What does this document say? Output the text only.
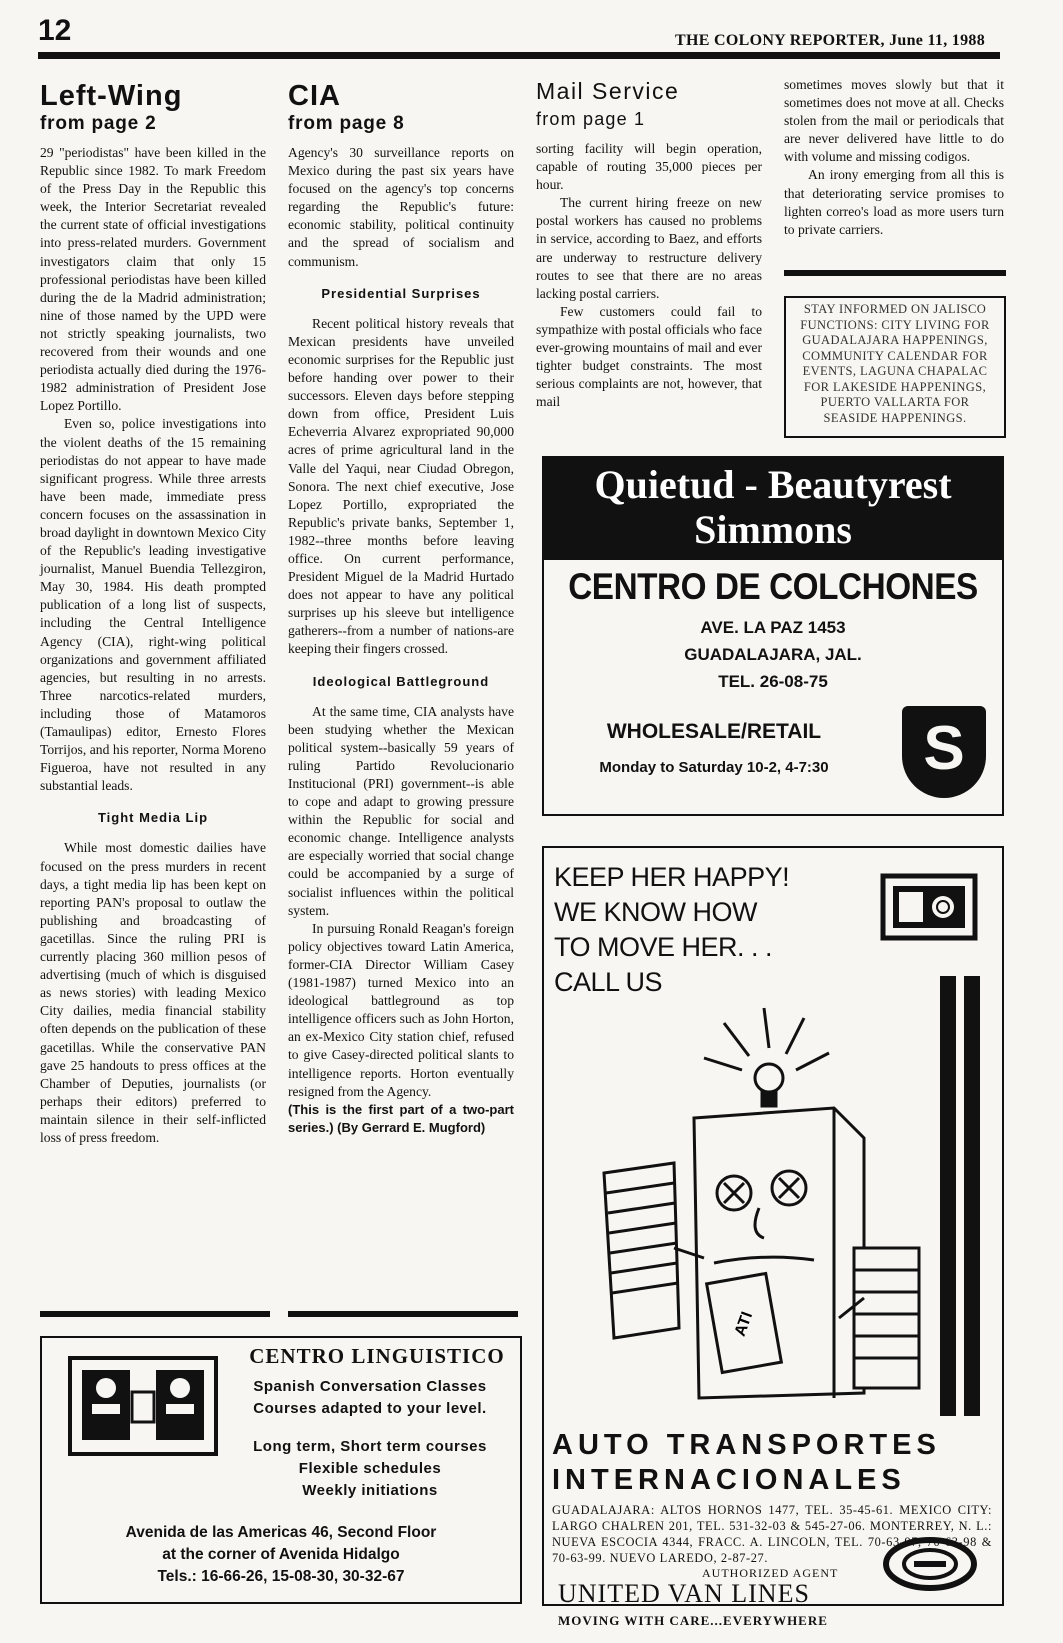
12	THE COLONY REPORTER, June 11, 1988
Left-Wing
from page 2

29 "periodistas" have been killed in the Republic since 1982. To mark Freedom of the Press Day in the Republic this week, the Interior Secretariat revealed the current state of official investigations into press-related murders. Government investigators claim that only 15 professional periodistas have been killed during the de la Madrid administration; nine of those named by the UPD were not strictly speaking journalists, two recovered from their wounds and one periodista actually died during the 1976-1982 administration of President Jose Lopez Portillo.

Even so, police investigations into the violent deaths of the 15 remaining periodistas do not appear to have made significant progress. While three arrests have been made, immediate press concern focuses on the assassination in broad daylight in downtown Mexico City of the Republic's leading investigative journalist, Manuel Buendia Tellezgiron, May 30, 1984. His death prompted publication of a long list of suspects, including the Central Intelligence Agency (CIA), right-wing political organizations and government affiliated agencies, but resulting in no arrests. Three narcotics-related murders, including those of Matamoros (Tamaulipas) editor, Ernesto Flores Torrijos, and his reporter, Norma Moreno Figueroa, have not resulted in any substantial leads.

Tight Media Lip

While most domestic dailies have focused on the press murders in recent days, a tight media lip has been kept on reporting PAN's proposal to outlaw the publishing and broadcasting of gacetillas. Since the ruling PRI is currently placing 360 million pesos of advertising (much of which is disguised as news stories) with leading Mexico City dailies, media financial stability often depends on the publication of these gacetillas. While the conservative PAN gave 25 handouts to press offices at the Chamber of Deputies, journalists (or perhaps their editors) preferred to maintain silence in their self-inflicted loss of press freedom.

CIA
from page 8

Agency's 30 surveillance reports on Mexico during the past six years have focused on the agency's top concerns regarding the Republic's future: economic stability, political continuity and the spread of socialism and communism.

Presidential Surprises

Recent political history reveals that Mexican presidents have unveiled economic surprises for the Republic just before handing over power to their successors. Eleven days before stepping down from office, President Luis Echeverria Alvarez expropriated 90,000 acres of prime agricultural land in the Valle del Yaqui, near Ciudad Obregon, Sonora. The next chief executive, Jose Lopez Portillo, expropriated the Republic's private banks, September 1, 1982--three months before leaving office. On current performance, President Miguel de la Madrid Hurtado does not appear to have any political surprises up his sleeve but intelligence gatherers--from a number of nations-are keeping their fingers crossed.

Ideological Battleground

At the same time, CIA analysts have been studying whether the Mexican political system--basically 59 years of ruling Partido Revolucionario Institucional (PRI) government--is able to cope and adapt to growing pressure within the Republic for social and economic change. Intelligence analysts are especially worried that social change could be accompanied by a surge of socialist influences within the political system.

In pursuing Ronald Reagan's foreign policy objectives toward Latin America, former-CIA Director William Casey (1981-1987) turned Mexico into an ideological battleground as top intelligence officers such as John Horton, an ex-Mexico City station chief, refused to give Casey-directed political slants to intelligence reports. Horton eventually resigned from the Agency.

(This is the first part of a two-part series.) (By Gerrard E. Mugford)

Mail Service
from page 1

sorting facility will begin operation, capable of routing 35,000 pieces per hour.

The current hiring freeze on new postal workers has caused no problems in service, according to Baez, and efforts are underway to restructure delivery routes to see that there are no areas lacking postal carriers.

Few customers could fail to sympathize with postal officials who face ever-growing mountains of mail and ever tighter budget constraints. The most serious complaints are not, however, that mail

sometimes moves slowly but that it sometimes does not move at all. Checks stolen from the mail or periodicals that are never delivered have little to do with volume and missing codigos.

An irony emerging from all this is that deteriorating service promises to lighten correo's load as more users turn to private carriers.

STAY INFORMED ON JALISCO FUNCTIONS: CITY LIVING FOR GUADALAJARA HAPPENINGS, COMMUNITY CALENDAR FOR EVENTS, LAGUNA CHAPALAC FOR LAKESIDE HAPPENINGS, PUERTO VALLARTA FOR SEASIDE HAPPENINGS.
Quietud - Beautyrest
Simmons
CENTRO DE COLCHONES
AVE. LA PAZ 1453
GUADALAJARA, JAL.
TEL. 26-08-75
WHOLESALE/RETAIL
Monday to Saturday 10-2, 4-7:30	S
KEEP HER HAPPY!
WE KNOW HOW
TO MOVE HER. . .
CALL US
ATI
AUTO TRANSPORTES
INTERNACIONALES
GUADALAJARA: ALTOS HORNOS 1477, TEL. 35-45-61. MEXICO CITY: LARGO CHALREN 201, TEL. 531-32-03 & 545-27-06. MONTERREY, N. L.: NUEVA ESCOCIA 4344, FRACC. A. LINCOLN, TEL. 70-63-97, 70-63-98 & 70-63-99. NUEVO LAREDO, 2-87-27.
AUTHORIZED AGENT
UNITED VAN LINES
MOVING WITH CARE...EVERYWHERE
CENTRO LINGUISTICO
Spanish Conversation Classes
Courses adapted to your level.
Long term, Short term courses
Flexible schedules
Weekly initiations
Avenida de las Americas 46, Second Floor
at the corner of Avenida Hidalgo
Tels.: 16-66-26, 15-08-30, 30-32-67
